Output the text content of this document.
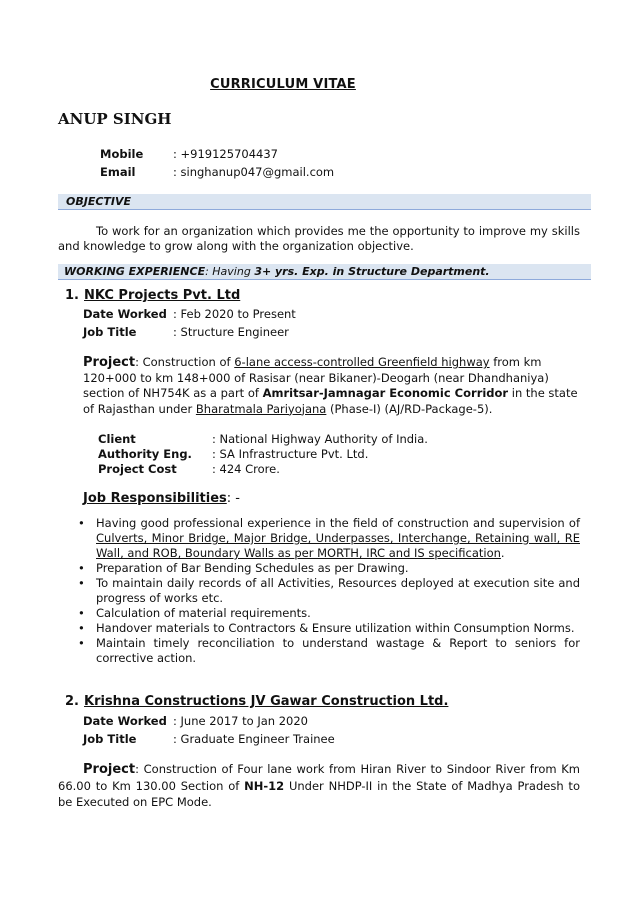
CURRICULUM VITAE
ANUP SINGH
Mobile	: +919125704437
Email	: singhanup047@gmail.com
OBJECTIVE
To work for an organization which provides me the opportunity to improve my skills and knowledge to grow along with the organization objective.
WORKING EXPERIENCE: Having 3+ yrs. Exp. in Structure Department.
1. NKC Projects Pvt. Ltd
Date Worked : Feb 2020 to Present
Job Title	: Structure Engineer
Project: Construction of 6-lane access-controlled Greenfield highway from km 120+000 to km 148+000 of Rasisar (near Bikaner)-Deogarh (near Dhandhaniya) section of NH754K as a part of Amritsar-Jamnagar Economic Corridor in the state of Rajasthan under Bharatmala Pariyojana (Phase-I) (AJ/RD-Package-5).
Client	: National Highway Authority of India.
Authority Eng. : SA Infrastructure Pvt. Ltd.
Project Cost	: 424 Crore.
Job Responsibilities: -
• Having good professional experience in the field of construction and supervision of Culverts, Minor Bridge, Major Bridge, Underpasses, Interchange, Retaining wall, RE Wall, and ROB, Boundary Walls as per MORTH, IRC and IS specification.
• Preparation of Bar Bending Schedules as per Drawing.
• To maintain daily records of all Activities, Resources deployed at execution site and progress of works etc.
• Calculation of material requirements.
• Handover materials to Contractors & Ensure utilization within Consumption Norms.
• Maintain timely reconciliation to understand wastage & Report to seniors for corrective action.
2. Krishna Constructions JV Gawar Construction Ltd.
Date Worked : June 2017 to Jan 2020
Job Title	: Graduate Engineer Trainee
Project: Construction of Four lane work from Hiran River to Sindoor River from Km 66.00 to Km 130.00 Section of NH-12 Under NHDP-II in the State of Madhya Pradesh to be Executed on EPC Mode.
